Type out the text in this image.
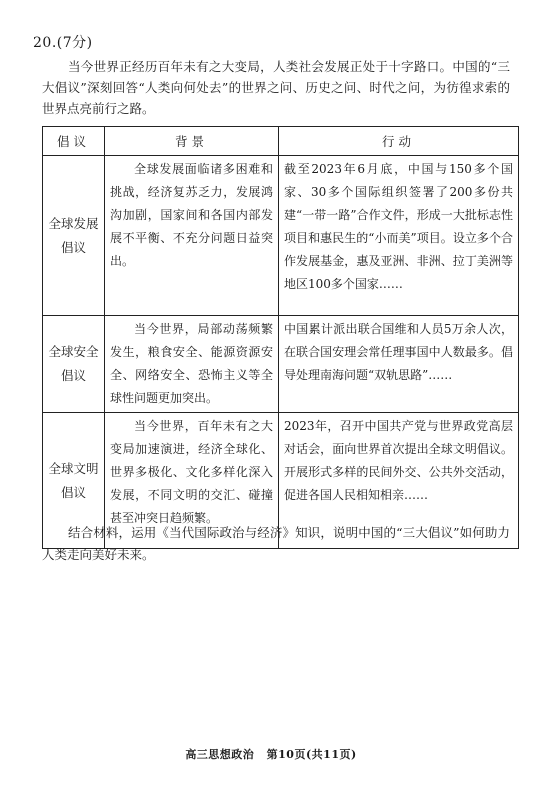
20.(7分)
当今世界正经历百年未有之大变局，人类社会发展正处于十字路口。中国的“三大倡议”深刻回答“人类向何处去”的世界之问、历史之问、时代之问，为彷徨求索的世界点亮前行之路。
倡议	背景	行动
全球发展倡议	全球发展面临诸多困难和挑战，经济复苏乏力，发展鸿沟加剧，国家间和各国内部发展不平衡、不充分问题日益突出。	截至2023年6月底，中国与150多个国家、30多个国际组织签署了200多份共建“一带一路”合作文件，形成一大批标志性项目和惠民生的“小而美”项目。设立多个合作发展基金，惠及亚洲、非洲、拉丁美洲等地区100多个国家……
全球安全倡议	当今世界，局部动荡频繁发生，粮食安全、能源资源安全、网络安全、恐怖主义等全球性问题更加突出。	中国累计派出联合国维和人员5万余人次，在联合国安理会常任理事国中人数最多。倡导处理南海问题“双轨思路”……
全球文明倡议	当今世界，百年未有之大变局加速演进，经济全球化、世界多极化、文化多样化深入发展，不同文明的交汇、碰撞甚至冲突日趋频繁。	2023年，召开中国共产党与世界政党高层对话会，面向世界首次提出全球文明倡议。开展形式多样的民间外交、公共外交活动，促进各国人民相知相亲……
结合材料，运用《当代国际政治与经济》知识，说明中国的“三大倡议”如何助力人类走向美好未来。
高三思想政治 第10页(共11页)
